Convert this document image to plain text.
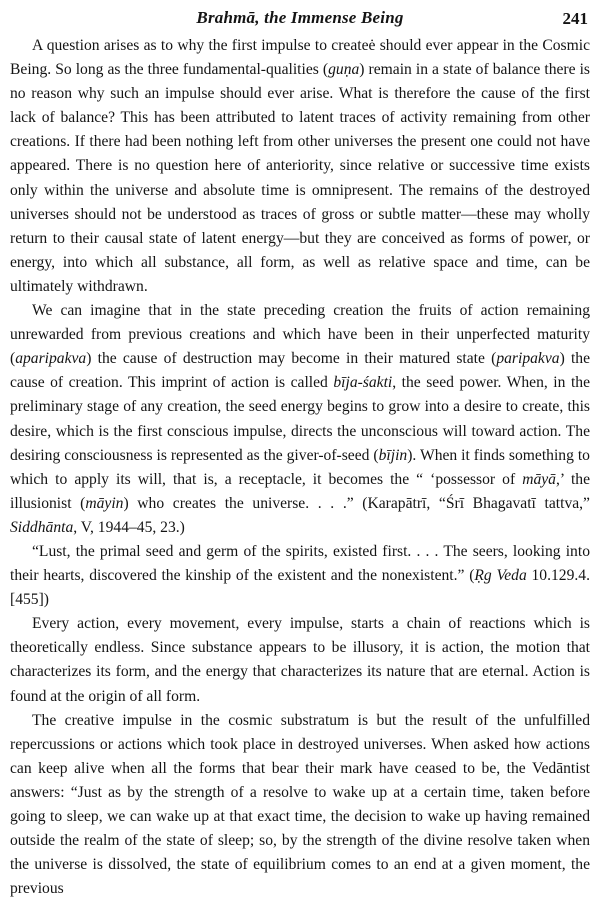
Brahmā, the Immense Being	241

A question arises as to why the first impulse to createė should ever appear in the Cosmic Being. So long as the three fundamental-qualities (guṇa) remain in a state of balance there is no reason why such an impulse should ever arise. What is therefore the cause of the first lack of balance? This has been attributed to latent traces of activity remaining from other creations. If there had been nothing left from other universes the present one could not have appeared. There is no question here of anteriority, since relative or successive time exists only within the universe and absolute time is omnipresent. The remains of the destroyed universes should not be understood as traces of gross or subtle matter—these may wholly return to their causal state of latent energy—but they are conceived as forms of power, or energy, into which all substance, all form, as well as relative space and time, can be ultimately withdrawn.

We can imagine that in the state preceding creation the fruits of action remaining unrewarded from previous creations and which have been in their unperfected maturity (aparipakva) the cause of destruction may become in their matured state (paripakva) the cause of creation. This imprint of action is called bīja-śakti, the seed power. When, in the preliminary stage of any creation, the seed energy begins to grow into a desire to create, this desire, which is the first conscious impulse, directs the unconscious will toward action. The desiring consciousness is represented as the giver-of-seed (bījin). When it finds something to which to apply its will, that is, a receptacle, it becomes the “ ‘possessor of māyā,’ the illusionist (māyin) who creates the universe. . . .” (Karapātrī, “Śrī Bhagavatī tattva,” Siddhānta, V, 1944–45, 23.)

“Lust, the primal seed and germ of the spirits, existed first. . . . The seers, looking into their hearts, discovered the kinship of the existent and the nonexistent.” (Ṛg Veda 10.129.4. [455])

Every action, every movement, every impulse, starts a chain of reactions which is theoretically endless. Since substance appears to be illusory, it is action, the motion that characterizes its form, and the energy that characterizes its nature that are eternal. Action is found at the origin of all form.

The creative impulse in the cosmic substratum is but the result of the unfulfilled repercussions or actions which took place in destroyed universes. When asked how actions can keep alive when all the forms that bear their mark have ceased to be, the Vedāntist answers: “Just as by the strength of a resolve to wake up at a certain time, taken before going to sleep, we can wake up at that exact time, the decision to wake up having remained outside the realm of the state of sleep; so, by the strength of the divine resolve taken when the universe is dissolved, the state of equilibrium comes to an end at a given moment, the previous
